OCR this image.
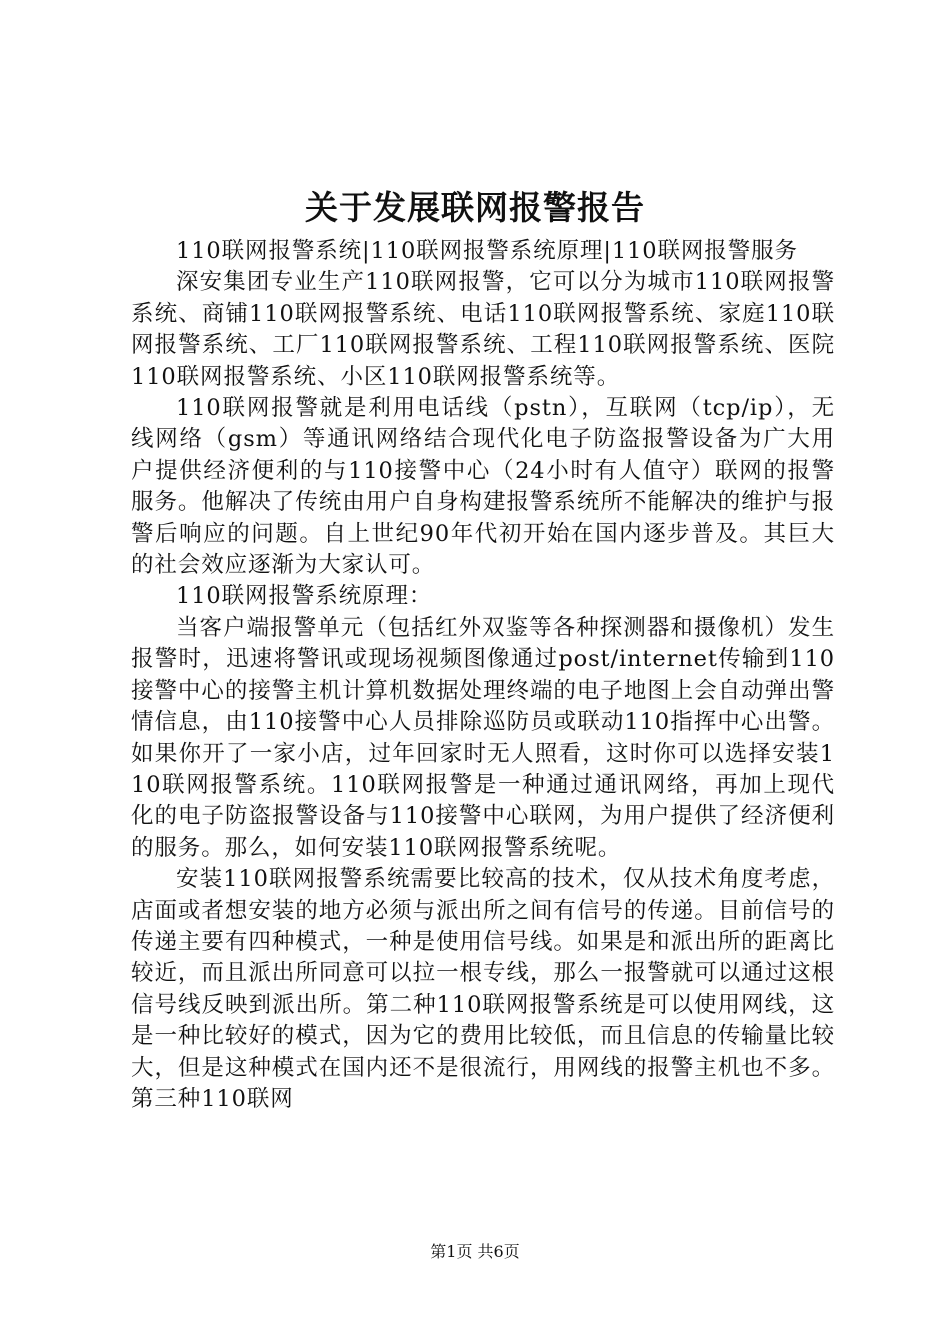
关于发展联网报警报告

110联网报警系统|110联网报警系统原理|110联网报警服务

深安集团专业生产110联网报警，它可以分为城市110联网报警系统、商铺110联网报警系统、电话110联网报警系统、家庭110联网报警系统、工厂110联网报警系统、工程110联网报警系统、医院110联网报警系统、小区110联网报警系统等。

110联网报警就是利用电话线（pstn），互联网（tcp/ip），无线网络（gsm）等通讯网络结合现代化电子防盗报警设备为广大用户提供经济便利的与110接警中心（24小时有人值守）联网的报警服务。他解决了传统由用户自身构建报警系统所不能解决的维护与报警后响应的问题。自上世纪90年代初开始在国内逐步普及。其巨大的社会效应逐渐为大家认可。

110联网报警系统原理：

当客户端报警单元（包括红外双鉴等各种探测器和摄像机）发生报警时，迅速将警讯或现场视频图像通过post/internet传输到110接警中心的接警主机计算机数据处理终端的电子地图上会自动弹出警情信息，由110接警中心人员排除巡防员或联动110指挥中心出警。如果你开了一家小店，过年回家时无人照看，这时你可以选择安装110联网报警系统。110联网报警是一种通过通讯网络，再加上现代化的电子防盗报警设备与110接警中心联网，为用户提供了经济便利的服务。那么，如何安装110联网报警系统呢。

安装110联网报警系统需要比较高的技术，仅从技术角度考虑，店面或者想安装的地方必须与派出所之间有信号的传递。目前信号的传递主要有四种模式，一种是使用信号线。如果是和派出所的距离比较近，而且派出所同意可以拉一根专线，那么一报警就可以通过这根信号线反映到派出所。第二种110联网报警系统是可以使用网线，这是一种比较好的模式，因为它的费用比较低，而且信息的传输量比较大，但是这种模式在国内还不是很流行，用网线的报警主机也不多。第三种110联网

第1页 共6页
